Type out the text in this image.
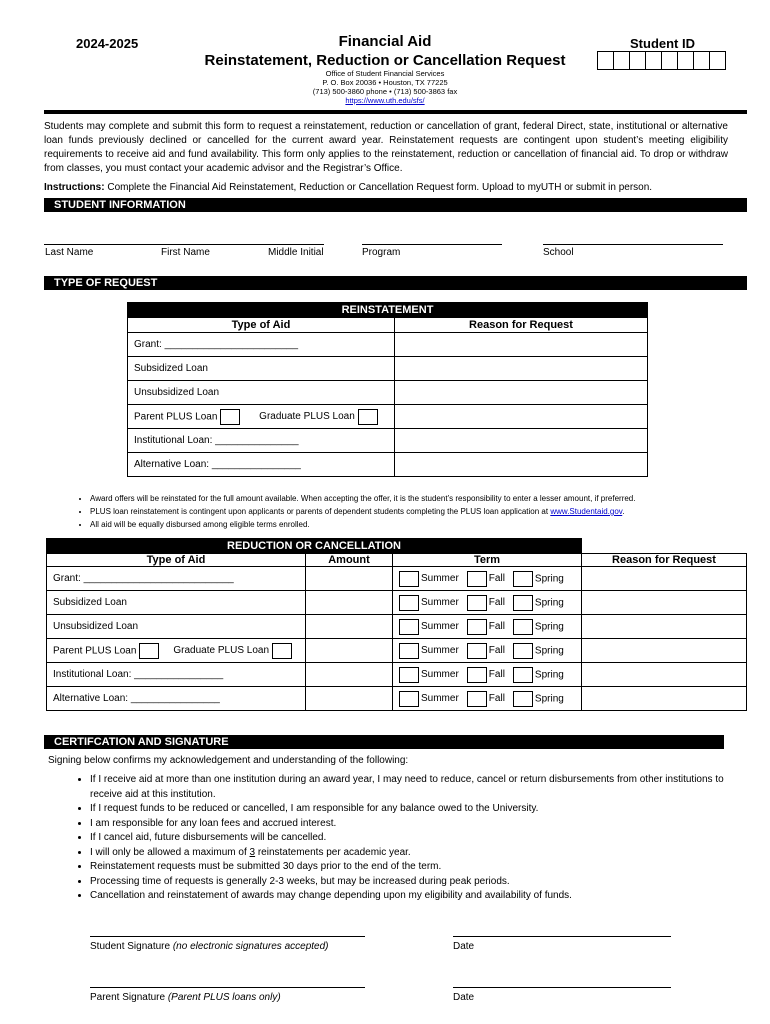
2024-2025	Financial Aid
Reinstatement, Reduction or Cancellation Request
Office of Student Financial Services
P. O. Box 20036 • Houston, TX 77225
(713) 500-3860 phone • (713) 500-3863 fax
https://www.uth.edu/sfs/
Student ID
Students may complete and submit this form to request a reinstatement, reduction or cancellation of grant, federal Direct, state, institutional or alternative loan funds previously declined or cancelled for the current award year. Reinstatement requests are contingent upon student’s meeting eligibility requirements to receive aid and fund availability. This form only applies to the reinstatement, reduction or cancellation of financial aid. To drop or withdraw from classes, you must contact your academic advisor and the Registrar’s Office.
Instructions: Complete the Financial Aid Reinstatement, Reduction or Cancellation Request form. Upload to myUTH or submit in person.
STUDENT INFORMATION
Last Name	First Name	Middle Initial	Program	School
TYPE OF REQUEST
REINSTATEMENT	
Type of Aid	Reason for Request
Grant: ________________________	
Subsidized Loan	
Unsubsidized Loan	
Parent PLUS Loan Graduate PLUS Loan	
Institutional Loan: _______________	
Alternative Loan: ________________	
• Award offers will be reinstated for the full amount available. When accepting the offer, it is the student’s responsibility to enter a lesser amount, if preferred.
• PLUS loan reinstatement is contingent upon applicants or parents of dependent students completing the PLUS loan application at www.Studentaid.gov.
• All aid will be equally disbursed among eligible terms enrolled.
REDUCTION OR CANCELLATION			
Type of Aid	Amount	Term	Reason for Request
Grant: ___________________________		Summer Fall Spring	
Subsidized Loan		Summer Fall Spring	
Unsubsidized Loan		Summer Fall Spring	
Parent PLUS Loan Graduate PLUS Loan		Summer Fall Spring	
Institutional Loan: ________________		Summer Fall Spring	
Alternative Loan: ________________		Summer Fall Spring	
CERTIFCATION AND SIGNATURE
Signing below confirms my acknowledgement and understanding of the following:
• If I receive aid at more than one institution during an award year, I may need to reduce, cancel or return disbursements from other institutions to receive aid at this institution.
• If I request funds to be reduced or cancelled, I am responsible for any balance owed to the University.
• I am responsible for any loan fees and accrued interest.
• If I cancel aid, future disbursements will be cancelled.
• I will only be allowed a maximum of 3 reinstatements per academic year.
• Reinstatement requests must be submitted 30 days prior to the end of the term.
• Processing time of requests is generally 2-3 weeks, but may be increased during peak periods.
• Cancellation and reinstatement of awards may change depending upon my eligibility and availability of funds.
Student Signature (no electronic signatures accepted)	Date
Parent Signature (Parent PLUS loans only)	Date
